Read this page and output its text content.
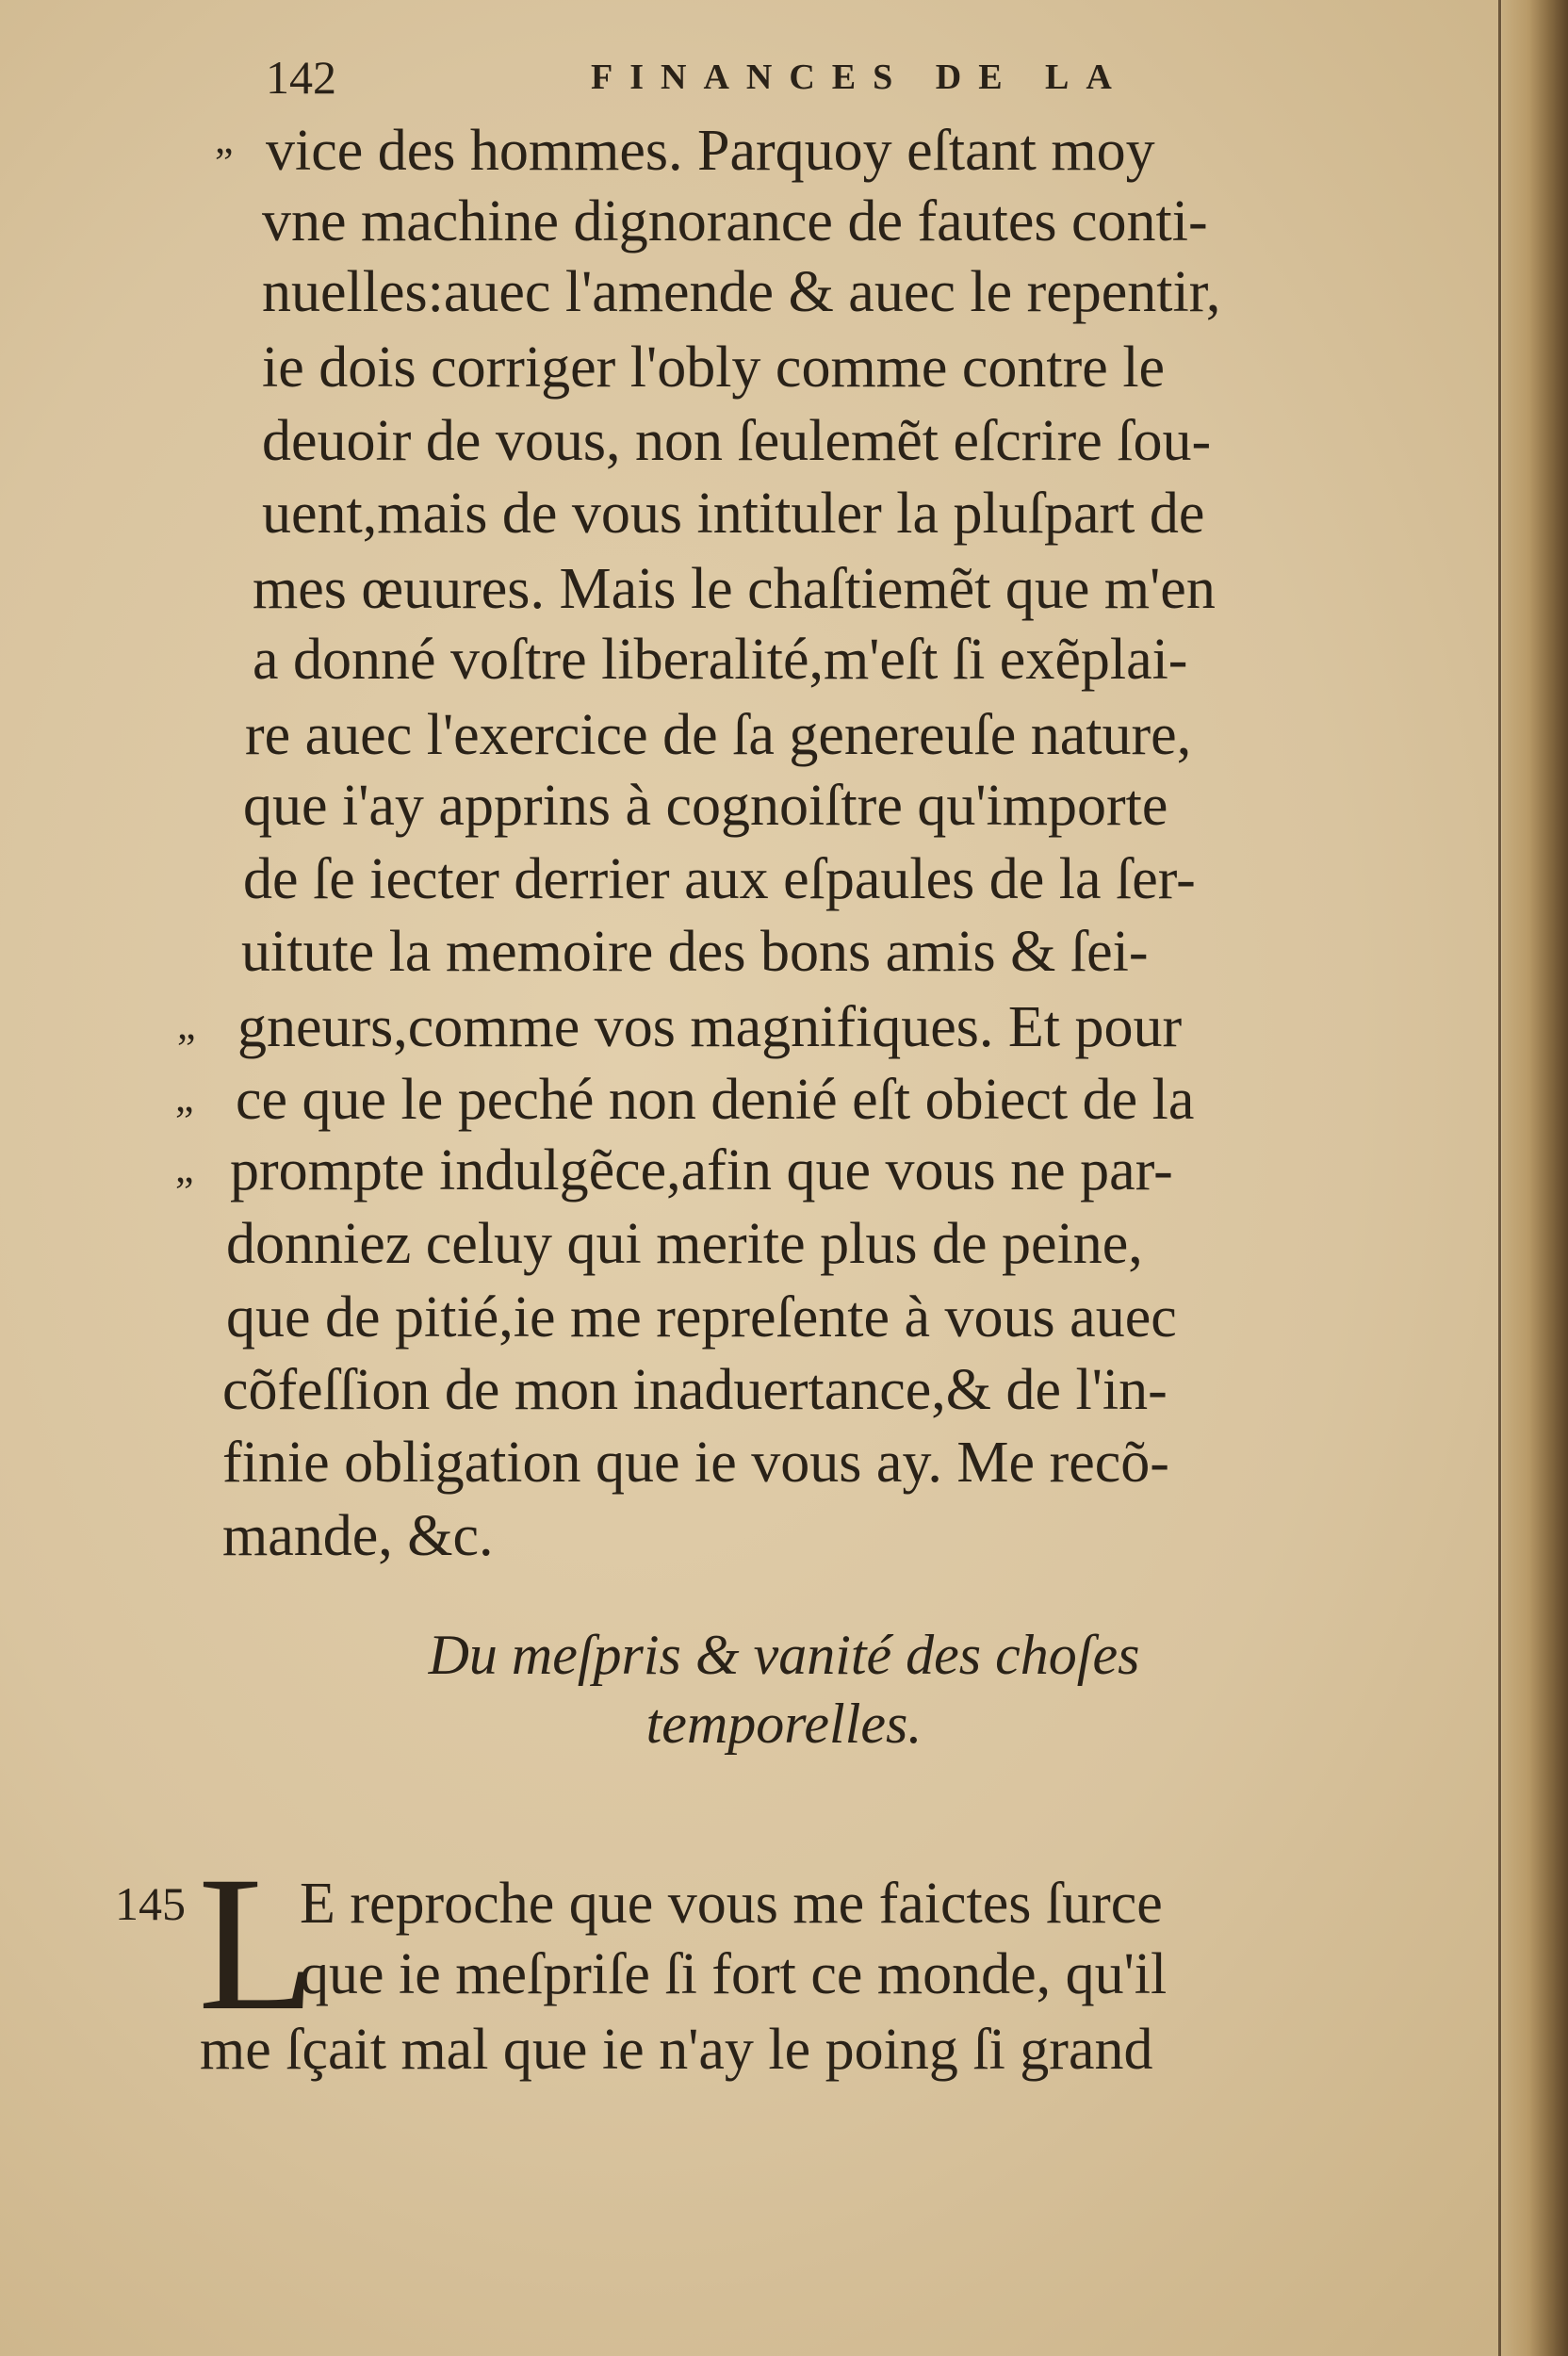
142	FINANCES DE LA
„ vice des hommes. Parquoy eſtant moy
vne machine dignorance de fautes conti-
nuelles:auec l'amende & auec le repentir,
ie dois corriger l'obly comme contre le
deuoir de vous, non ſeulemẽt eſcrire ſou-
uent,mais de vous intituler la pluſpart de
mes œuures. Mais le chaſtiemẽt que m'en
a donné voſtre liberalité,m'eſt ſi exẽplai-
re auec l'exercice de ſa genereuſe nature,
que i'ay apprins à cognoiſtre qu'importe
de ſe iecter derrier aux eſpaules de la ſer-
uitute la memoire des bons amis & ſei-
„ gneurs,comme vos magnifiques. Et pour
„ ce que le peché non denié eſt obiect de la
„ prompte indulgẽce,afin que vous ne par-
donniez celuy qui merite plus de peine,
que de pitié,ie me repreſente à vous auec
cõfeſſion de mon inaduertance,& de l'in-
finie obligation que ie vous ay. Me recõ-
mande, &c.
Du meſpris & vanité des choſes
temporelles.
145 L
E reproche que vous me faictes ſurce
que ie meſpriſe ſi fort ce monde, qu'il
me ſçait mal que ie n'ay le poing ſi grand
